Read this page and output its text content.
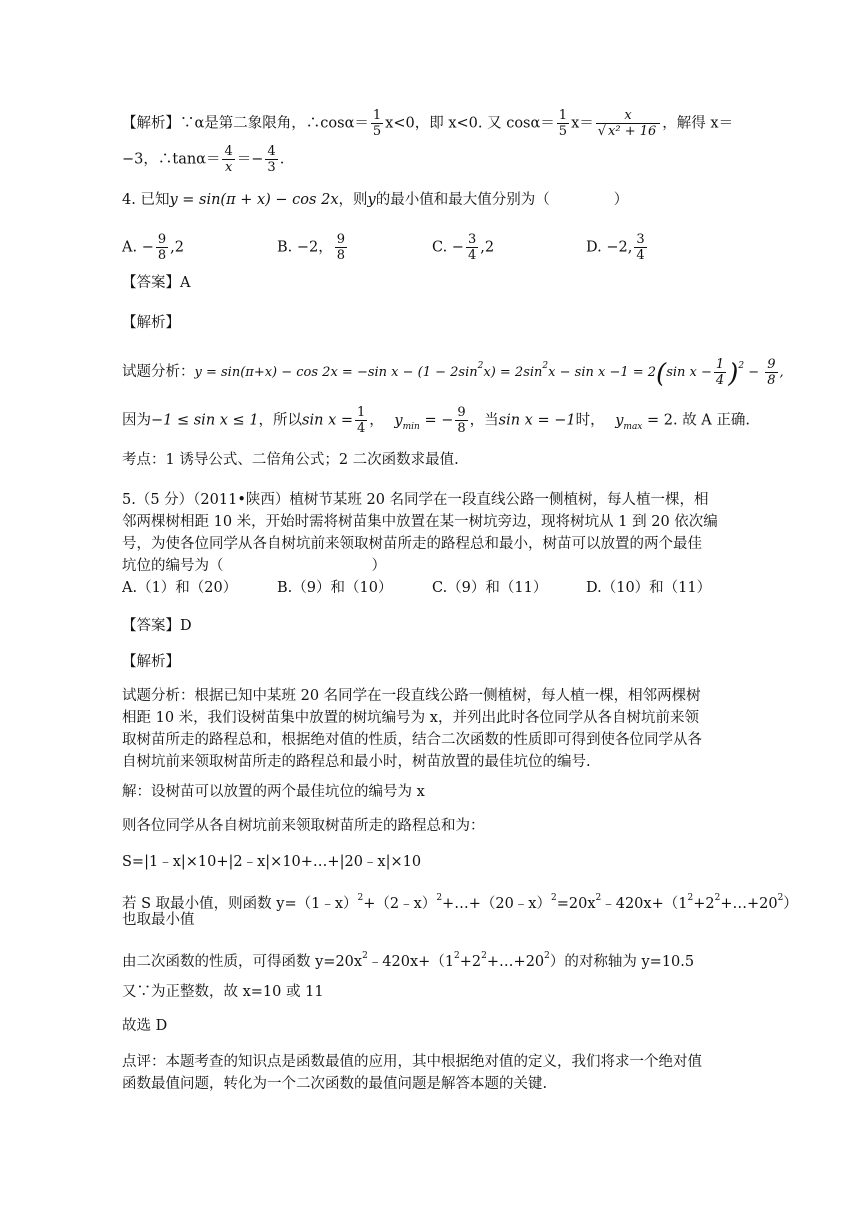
【解析】∵α是第二象限角，∴cosα＝ $\frac{1}{5} x<0$，即 x<0. 又 $\cos\alpha= \frac{1}{5} x= \frac{x}{\text{√ x² + 16}}$ ，解得 x＝
−3，∴tanα＝ $\frac{4}{x} =- \frac{4}{3}$ .
4. 已知y = sin(π + x) − cos 2x，则y的最小值和最大值分别为（	）
A. − $\frac{9}{8} ,2$	B. −2， $\frac{9}{8}$	C. − $\frac{3}{4} ,2$	D. −2, $\frac{3}{4}$
【答案】A
【解析】
试题分析：y = sin(π+x) − cos 2x = −sin $x - (1 - 2\sin^2x) = 2\sin^2x - \sin x -1 = 2(\sin$ $x - \frac{1}{4} )^2 - \frac{9}{8}$ ,
因为−1 ≤ sin x ≤ 1，所以$\sin x = \frac{1}{4}$ ， $y_{min}$ = − $\frac{9}{8}$ ，当sin x = −1时， $y_{max} = 2$. 故 A 正确.
考点：1 诱导公式、二倍角公式；2 二次函数求最值.
5.（5 分）（2011•陕西）植树节某班 20 名同学在一段直线公路一侧植树，每人植一棵，相
邻两棵树相距 10 米，开始时需将树苗集中放置在某一树坑旁边，现将树坑从 1 到 20 依次编
号，为使各位同学从各自树坑前来领取树苗所走的路程总和最小，树苗可以放置的两个最佳
坑位的编号为（	）
A.（1）和（20）	B.（9）和（10）	C.（9）和（11）	D.（10）和（11）
【答案】D
【解析】
试题分析：根据已知中某班 20 名同学在一段直线公路一侧植树，每人植一棵，相邻两棵树
相距 10 米，我们设树苗集中放置的树坑编号为 x，并列出此时各位同学从各自树坑前来领
取树苗所走的路程总和，根据绝对值的性质，结合二次函数的性质即可得到使各位同学从各
自树坑前来领取树苗所走的路程总和最小时，树苗放置的最佳坑位的编号.
解：设树苗可以放置的两个最佳坑位的编号为 x
则各位同学从各自树坑前来领取树苗所走的路程总和为：
S=|1﹣x|×10+|2﹣x|×10+…+|20﹣x|×10
若 S 取最小值，则函数 $y=(1﹣x)^2+(2﹣x)^2+\dots+(20﹣x)^2=20x^2﹣420x+(1^2+2^2+\dots+20^2)$
也取最小值
由二次函数的性质，可得函数 $y=20x^2﹣420x+(1^2+2^2+\dots+20^2)$的对称轴为 y=10.5
又∵为正整数，故 x=10 或 11
故选 D
点评：本题考查的知识点是函数最值的应用，其中根据绝对值的定义，我们将求一个绝对值
函数最值问题，转化为一个二次函数的最值问题是解答本题的关键.
